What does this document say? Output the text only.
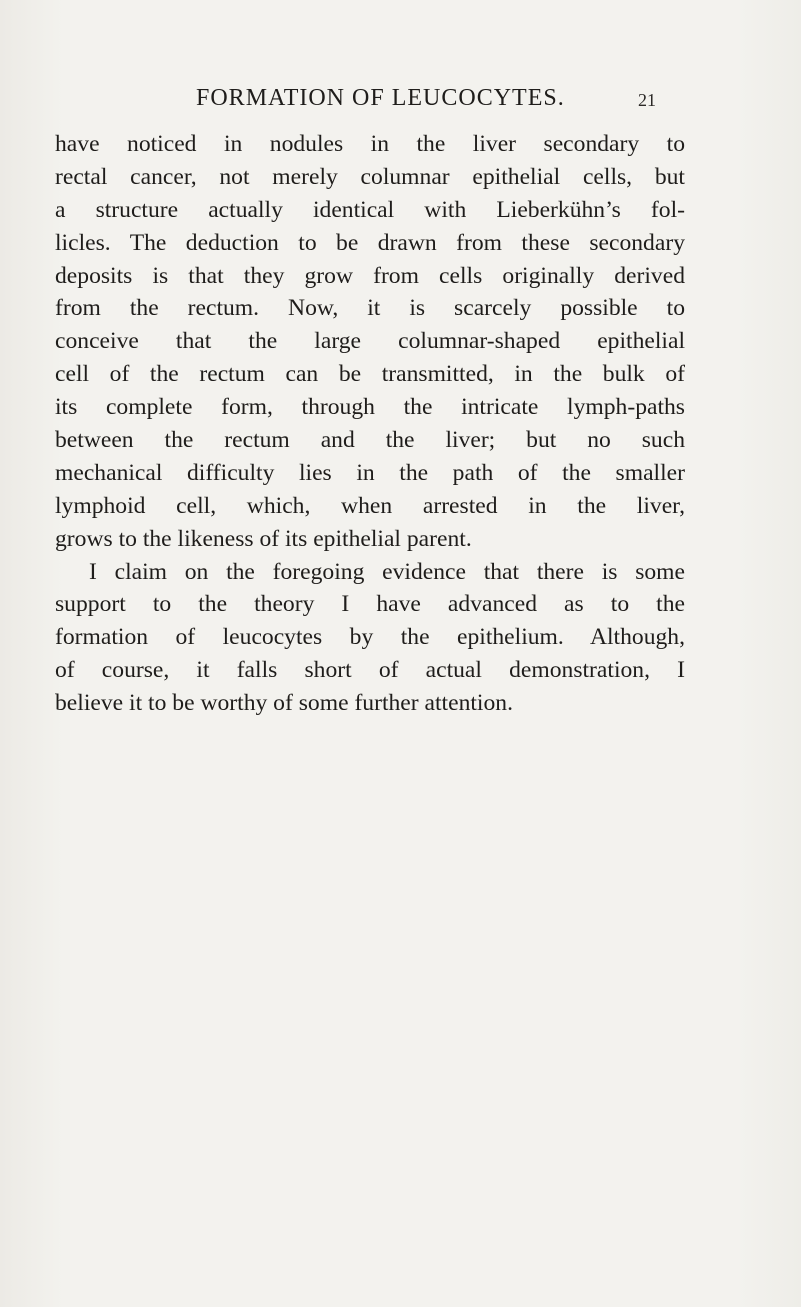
FORMATION OF LEUCOCYTES.	21
have noticed in nodules in the liver secondary to
rectal cancer, not merely columnar epithelial cells, but
a structure actually identical with Lieberkühn’s fol-
licles. The deduction to be drawn from these secondary
deposits is that they grow from cells originally derived
from the rectum. Now, it is scarcely possible to
conceive that the large columnar-shaped epithelial
cell of the rectum can be transmitted, in the bulk of
its complete form, through the intricate lymph-paths
between the rectum and the liver; but no such
mechanical difficulty lies in the path of the smaller
lymphoid cell, which, when arrested in the liver,
grows to the likeness of its epithelial parent.
I claim on the foregoing evidence that there is some
support to the theory I have advanced as to the
formation of leucocytes by the epithelium. Although,
of course, it falls short of actual demonstration, I
believe it to be worthy of some further attention.
